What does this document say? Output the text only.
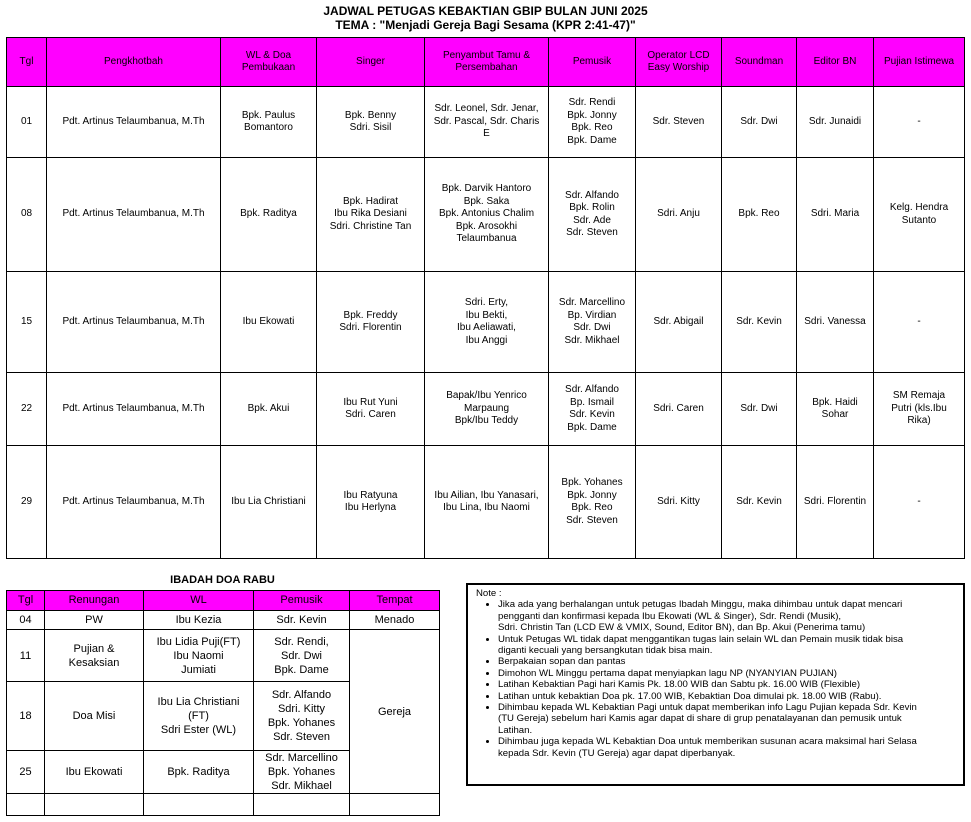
JADWAL PETUGAS KEBAKTIAN GBIP BULAN JUNI 2025
TEMA : "Menjadi Gereja Bagi Sesama (KPR 2:41-47)"
Tgl	Pengkhotbah	WL & Doa Pembukaan	Singer	Penyambut Tamu & Persembahan	Pemusik	Operator LCD Easy Worship	Soundman	Editor BN	Pujian Istimewa
01	Pdt. Artinus Telaumbanua, M.Th	Bpk. Paulus
Bomantoro	Bpk. Benny
Sdri. Sisil	Sdr. Leonel, Sdr. Jenar,
Sdr. Pascal, Sdr. Charis
E	Sdr. Rendi
Bpk. Jonny
Bpk. Reo
Bpk. Dame	Sdr. Steven	Sdr. Dwi	Sdr. Junaidi	-

08	Pdt. Artinus Telaumbanua, M.Th	Bpk. Raditya	Bpk. Hadirat
Ibu Rika Desiani
Sdri. Christine Tan	Bpk. Darvik Hantoro
Bpk. Saka
Bpk. Antonius Chalim
Bpk. Arosokhi
Telaumbanua	Sdr. Alfando
Bpk. Rolin
Sdr. Ade
Sdr. Steven	Sdri. Anju	Bpk. Reo	Sdri. Maria	Kelg. Hendra
Sutanto

15	Pdt. Artinus Telaumbanua, M.Th	Ibu Ekowati	Bpk. Freddy
Sdri. Florentin	Sdri. Erty,
Ibu Bekti,
Ibu Aeliawati,
Ibu Anggi	Sdr. Marcellino
Bp. Virdian
Sdr. Dwi
Sdr. Mikhael	Sdr. Abigail	Sdr. Kevin	Sdri. Vanessa	-

22	Pdt. Artinus Telaumbanua, M.Th	Bpk. Akui	Ibu Rut Yuni
Sdri. Caren	Bapak/Ibu Yenrico
Marpaung
Bpk/Ibu Teddy	Sdr. Alfando
Bp. Ismail
Sdr. Kevin
Bpk. Dame	Sdri. Caren	Sdr. Dwi	Bpk. Haidi
Sohar	SM Remaja
Putri (kls.Ibu
Rika)

29	Pdt. Artinus Telaumbanua, M.Th	Ibu Lia Christiani	Ibu Ratyuna
Ibu Herlyna	Ibu Ailian, Ibu Yanasari,
Ibu Lina, Ibu Naomi	Bpk. Yohanes
Bpk. Jonny
Bpk. Reo
Sdr. Steven	Sdri. Kitty	Sdr. Kevin	Sdri. Florentin	-
IBADAH DOA RABU
Tgl	Renungan	WL	Pemusik	Tempat
04	PW	Ibu Kezia	Sdr. Kevin	Menado
11	Pujian &
Kesaksian	Ibu Lidia Puji(FT)
Ibu Naomi
Jumiati	Sdr. Rendi,
Sdr. Dwi
Bpk. Dame	Gereja
18	Doa Misi	Ibu Lia Christiani
(FT)
Sdri Ester (WL)	Sdr. Alfando
Sdri. Kitty
Bpk. Yohanes
Sdr. Steven	

25	Ibu Ekowati	Bpk. Raditya	Sdr. Marcellino
Bpk. Yohanes
Sdr. Mikhael	

Note :
• Jika ada yang berhalangan untuk petugas Ibadah Minggu, maka dihimbau untuk dapat mencari
pengganti dan konfirmasi kepada Ibu Ekowati (WL & Singer), Sdr. Rendi (Musik),
Sdri. Christin Tan (LCD EW & VMIX, Sound, Editor BN), dan Bp. Akui (Penerima tamu)
• Untuk Petugas WL tidak dapat menggantikan tugas lain selain WL dan Pemain musik tidak bisa
diganti kecuali yang bersangkutan tidak bisa main.
• Berpakaian sopan dan pantas
• Dimohon WL Minggu pertama dapat menyiapkan lagu NP (NYANYIAN PUJIAN)
• Latihan Kebaktian Pagi hari Kamis Pk. 18.00 WIB dan Sabtu pk. 16.00 WIB (Flexible)
• Latihan untuk kebaktian Doa pk. 17.00 WIB, Kebaktian Doa dimulai pk. 18.00 WIB (Rabu).
• Dihimbau kepada WL Kebaktian Pagi untuk dapat memberikan info Lagu Pujian kepada Sdr. Kevin
(TU Gereja) sebelum hari Kamis agar dapat di share di grup penatalayanan dan pemusik untuk
Latihan.
• Dihimbau juga kepada WL Kebaktian Doa untuk memberikan susunan acara maksimal hari Selasa
kepada Sdr. Kevin (TU Gereja) agar dapat diperbanyak.
